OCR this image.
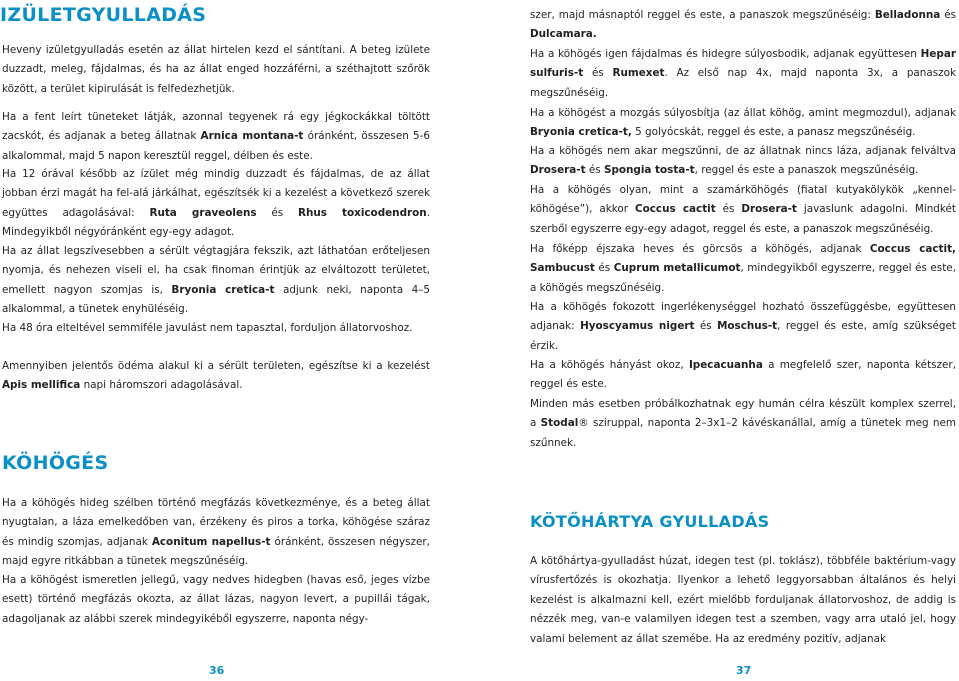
IZÜLETGYULLADÁS

Heveny izületgyulladás esetén az állat hirtelen kezd el sántítani. A beteg izülete duzzadt, meleg, fájdalmas, és ha az állat enged hozzáférni, a széthajtott szőrök között, a terület kipirulását is felfedezhetjük.

Ha a fent leírt tüneteket látják, azonnal tegyenek rá egy jégkockákkal töltött zacskót, és adjanak a beteg állatnak Arnica montana-t óránként, összesen 5-6 alkalommal, majd 5 napon keresztül reggel, délben és este.

Ha 12 órával később az ízület még mindig duzzadt és fájdalmas, de az állat jobban érzi magát ha fel-alá járkálhat, egészítsék ki a kezelést a következő szerek együttes adagolásával: Ruta graveolens és Rhus toxicodendron. Mindegyikből négyóránként egy-egy adagot.

Ha az állat legszívesebben a sérült végtagjára fekszik, azt láthatóan erőteljesen nyomja, és nehezen viseli el, ha csak finoman érintjük az elváltozott területet, emellett nagyon szomjas is, Bryonia cretica-t adjunk neki, naponta 4–5 alkalommal, a tünetek enyhüléséig.

Ha 48 óra elteltével semmiféle javulást nem tapasztal, forduljon állatorvoshoz.

Amennyiben jelentős ödéma alakul ki a sérült területen, egészítse ki a kezelést Apis mellifica napi háromszori adagolásával.

KÖHÖGÉS

Ha a köhögés hideg szélben történő megfázás következménye, és a beteg állat nyugtalan, a láza emelkedőben van, érzékeny és piros a torka, köhögése száraz és mindig szomjas, adjanak Aconitum napellus-t óránként, összesen négyszer, majd egyre ritkábban a tünetek megszűnéséig.

Ha a köhögést ismeretlen jellegű, vagy nedves hidegben (havas eső, jeges vízbe esett) történő megfázás okozta, az állat lázas, nagyon levert, a pupillái tágak, adagoljanak az alábbi szerek mindegyikéből egyszerre, naponta négy-

36

szer, majd másnaptól reggel és este, a panaszok megszűnéséig: Belladonna és Dulcamara.

Ha a köhögés igen fájdalmas és hidegre súlyosbodik, adjanak együttesen Hepar sulfuris-t és Rumexet. Az első nap 4x, majd naponta 3x, a panaszok megszűnéséig.

Ha a köhögést a mozgás súlyosbítja (az állat köhög, amint megmozdul), adjanak Bryonia cretica-t, 5 golyócskát, reggel és este, a panasz megszűnéséig.

Ha a köhögés nem akar megszűnni, de az állatnak nincs láza, adjanak felváltva Drosera-t és Spongia tosta-t, reggel és este a panaszok megszűnéséig.

Ha a köhögés olyan, mint a szamárköhögés (fiatal kutyakölykök „kennel-köhögése”), akkor Coccus cactit és Drosera-t javaslunk adagolni. Mindkét szerből egyszerre egy-egy adagot, reggel és este, a panaszok megszűnéséig.

Ha főképp éjszaka heves és görcsös a köhögés, adjanak Coccus cactit, Sambucust és Cuprum metallicumot, mindegyikből egyszerre, reggel és este, a köhögés megszűnéséig.

Ha a köhögés fokozott ingerlékenységgel hozható összefüggésbe, együttesen adjanak: Hyoscyamus nigert és Moschus-t, reggel és este, amíg szükséget érzik.

Ha a köhögés hányást okoz, Ipecacuanha a megfelelő szer, naponta kétszer, reggel és este.

Minden más esetben próbálkozhatnak egy humán célra készült komplex szerrel, a Stodal® sziruppal, naponta 2–3x1–2 kávéskanállal, amíg a tünetek meg nem szűnnek.

KÖTŐHÁRTYA GYULLADÁS

A kötőhártya-gyulladást húzat, idegen test (pl. toklász), többféle baktérium-vagy vírusfertőzés is okozhatja. Ilyenkor a lehető leggyorsabban általános és helyi kezelést is alkalmazni kell, ezért mielőbb forduljanak állatorvoshoz, de addig is nézzék meg, van-e valamilyen idegen test a szemben, vagy arra utaló jel, hogy valami belement az állat szemébe. Ha az eredmény pozitív, adjanak

37
